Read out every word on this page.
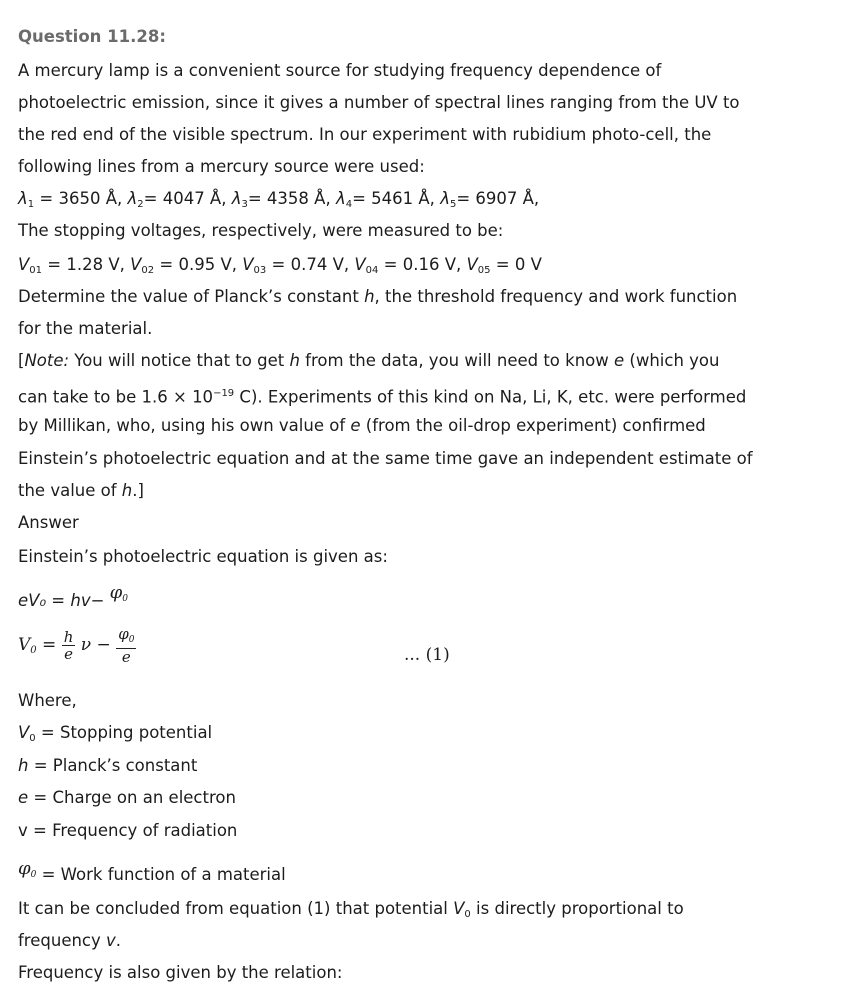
Question 11.28:
A mercury lamp is a convenient source for studying frequency dependence of
photoelectric emission, since it gives a number of spectral lines ranging from the UV to
the red end of the visible spectrum. In our experiment with rubidium photo-cell, the
following lines from a mercury source were used:
$\lambda_1 = 3650$ Å, $\lambda_2= 4047$ Å, $\lambda_3= 4358$ Å, $\lambda_4= 5461$ Å, $\lambda_5= 6907$ Å,
The stopping voltages, respectively, were measured to be:
$V_{01} = 1.28$ V, $V_{02} = 0.95$ V, $V_{03} = 0.74$ V, $V_{04} = 0.16$ V, $V_{05} = 0$ V
Determine the value of Planck’s constant h, the threshold frequency and work function
for the material.
[Note: You will notice that to get h from the data, you will need to know e (which you
can take to be $1.6 \times 10^{-19}$ C). Experiments of this kind on Na, Li, K, etc. were performed
by Millikan, who, using his own value of e (from the oil-drop experiment) confirmed
Einstein’s photoelectric equation and at the same time gave an independent estimate of
the value of h.]
Answer
Einstein’s photoelectric equation is given as:
$eV_0 = hv- \varphi_0$
$V_0 = \frac{h}{e}$ $\nu - \frac{\varphi_0}{e}$	... (1)
Where,
$V_0$ = Stopping potential
h = Planck’s constant
e = Charge on an electron
v = Frequency of radiation
$\varphi_0$ = Work function of a material
It can be concluded from equation (1) that potential $V_0$ is directly proportional to
frequency v.
Frequency is also given by the relation:
